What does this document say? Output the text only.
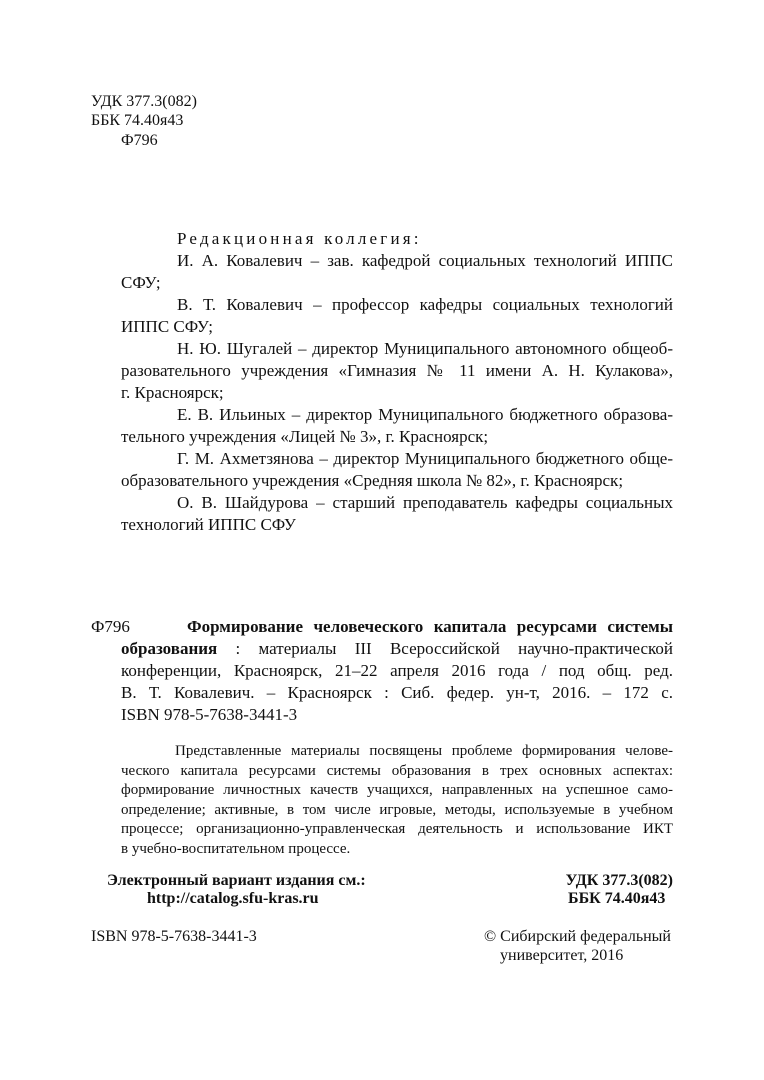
УДК 377.3(082)
ББК 74.40я43
Ф796
Редакционная коллегия:
И. А. Ковалевич – зав. кафедрой социальных технологий ИППС
СФУ;
В. Т. Ковалевич – профессор кафедры социальных технологий
ИППС СФУ;
Н. Ю. Шугалей – директор Муниципального автономного общеоб-
разовательного учреждения «Гимназия № 11 имени А. Н. Кулакова»,
г. Красноярск;
Е. В. Ильиных – директор Муниципального бюджетного образова-
тельного учреждения «Лицей № 3», г. Красноярск;
Г. М. Ахметзянова – директор Муниципального бюджетного обще-
образовательного учреждения «Средняя школа № 82», г. Красноярск;
О. В. Шайдурова – старший преподаватель кафедры социальных
технологий ИППС СФУ
Ф796	Формирование человеческого капитала ресурсами системы
образования : материалы III Всероссийской научно-практической
конференции, Красноярск, 21–22 апреля 2016 года / под общ. ред.
В. Т. Ковалевич. – Красноярск : Сиб. федер. ун-т, 2016. – 172 с.
ISBN 978-5-7638-3441-3
Представленные материалы посвящены проблеме формирования челове-
ческого капитала ресурсами системы образования в трех основных аспектах:
формирование личностных качеств учащихся, направленных на успешное само-
определение; активные, в том числе игровые, методы, используемые в учебном
процессе; организационно-управленческая деятельность и использование ИКТ
в учебно-воспитательном процессе.
Электронный вариант издания см.:
http://catalog.sfu-kras.ru
УДК 377.3(082)
ББК 74.40я43
ISBN 978-5-7638-3441-3	© Сибирский федеральный
университет, 2016
